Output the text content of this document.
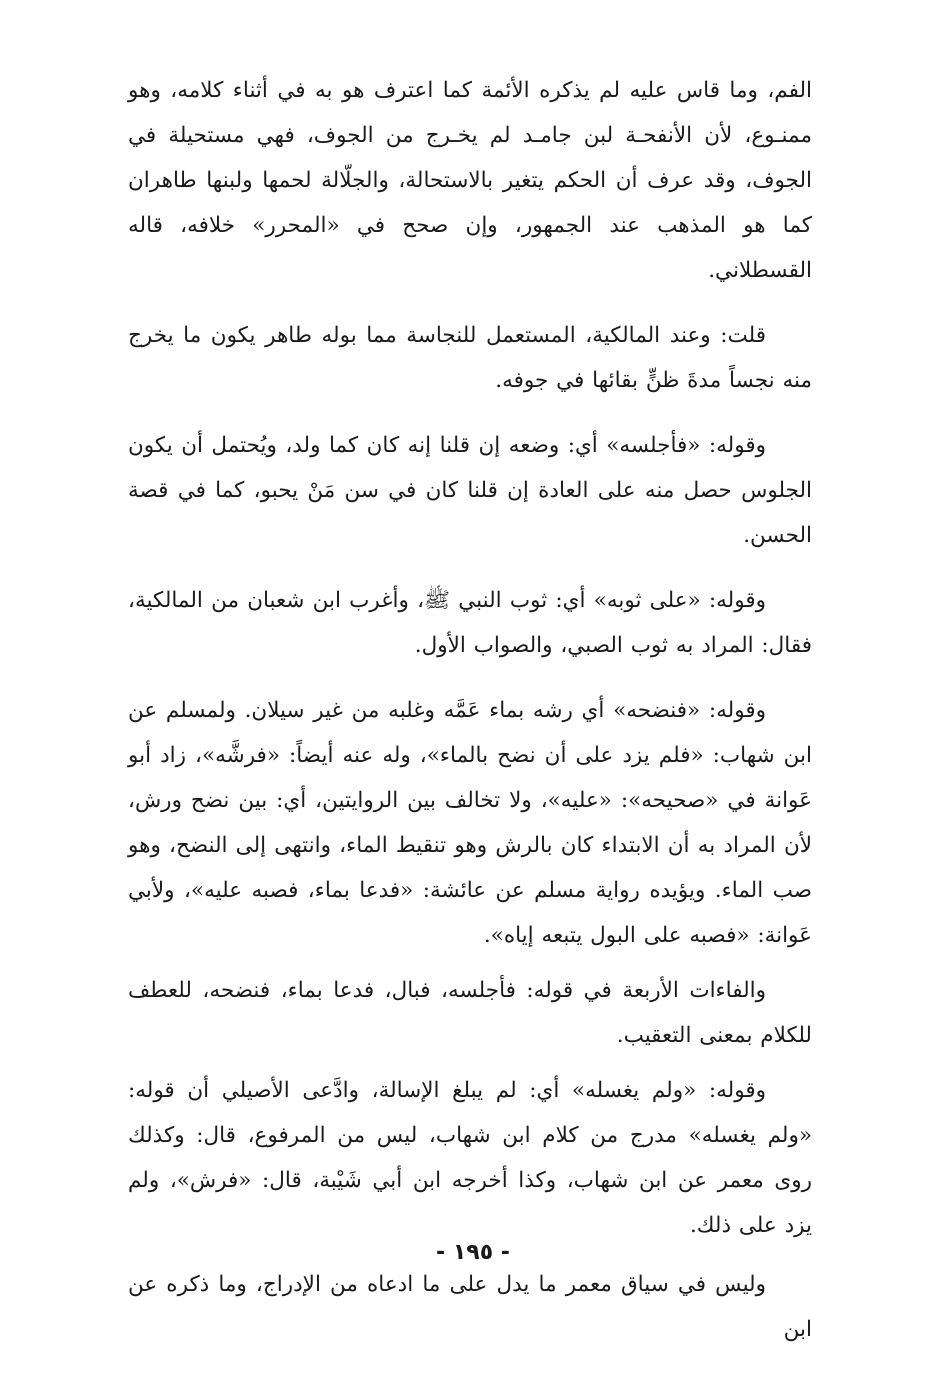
الفم، وما قاس عليه لم يذكره الأئمة كما اعترف هو به في أثناء كلامه، وهو ممنـوع، لأن الأنفحـة لبن جامـد لم يخـرج من الجوف، فهي مستحيلة في الجوف، وقد عرف أن الحكم يتغير بالاستحالة، والجلّالة لحمها ولبنها طاهران كما هو المذهب عند الجمهور، وإن صحح في «المحرر» خلافه، قاله القسطلاني.

قلت: وعند المالكية، المستعمل للنجاسة مما بوله طاهر يكون ما يخرج منه نجساً مدةَ ظنٍّ بقائها في جوفه.

وقوله: «فأجلسه» أي: وضعه إن قلنا إنه كان كما ولد، ويُحتمل أن يكون الجلوس حصل منه على العادة إن قلنا كان في سن مَنْ يحبو، كما في قصة الحسن.

وقوله: «على ثوبه» أي: ثوب النبي ﷺ، وأغرب ابن شعبان من المالكية، فقال: المراد به ثوب الصبي، والصواب الأول.

وقوله: «فنضحه» أي رشه بماء عَمَّه وغلبه من غير سيلان. ولمسلم عن ابن شهاب: «فلم يزد على أن نضح بالماء»، وله عنه أيضاً: «فرشَّه»، زاد أبو عَوانة في «صحيحه»: «عليه»، ولا تخالف بين الروايتين، أي: بين نضح ورش، لأن المراد به أن الابتداء كان بالرش وهو تنقيط الماء، وانتهى إلى النضح، وهو صب الماء. ويؤيده رواية مسلم عن عائشة: «فدعا بماء، فصبه عليه»، ولأبي عَوانة: «فصبه على البول يتبعه إياه».

والفاءات الأربعة في قوله: فأجلسه، فبال، فدعا بماء، فنضحه، للعطف للكلام بمعنى التعقيب.

وقوله: «ولم يغسله» أي: لم يبلغ الإسالة، وادَّعى الأصيلي أن قوله: «ولم يغسله» مدرج من كلام ابن شهاب، ليس من المرفوع، قال: وكذلك روى معمر عن ابن شهاب، وكذا أخرجه ابن أبي شَيْبة، قال: «فرش»، ولم يزد على ذلك.

وليس في سياق معمر ما يدل على ما ادعاه من الإدراج، وما ذكره عن ابن

- ١٩٥ -
